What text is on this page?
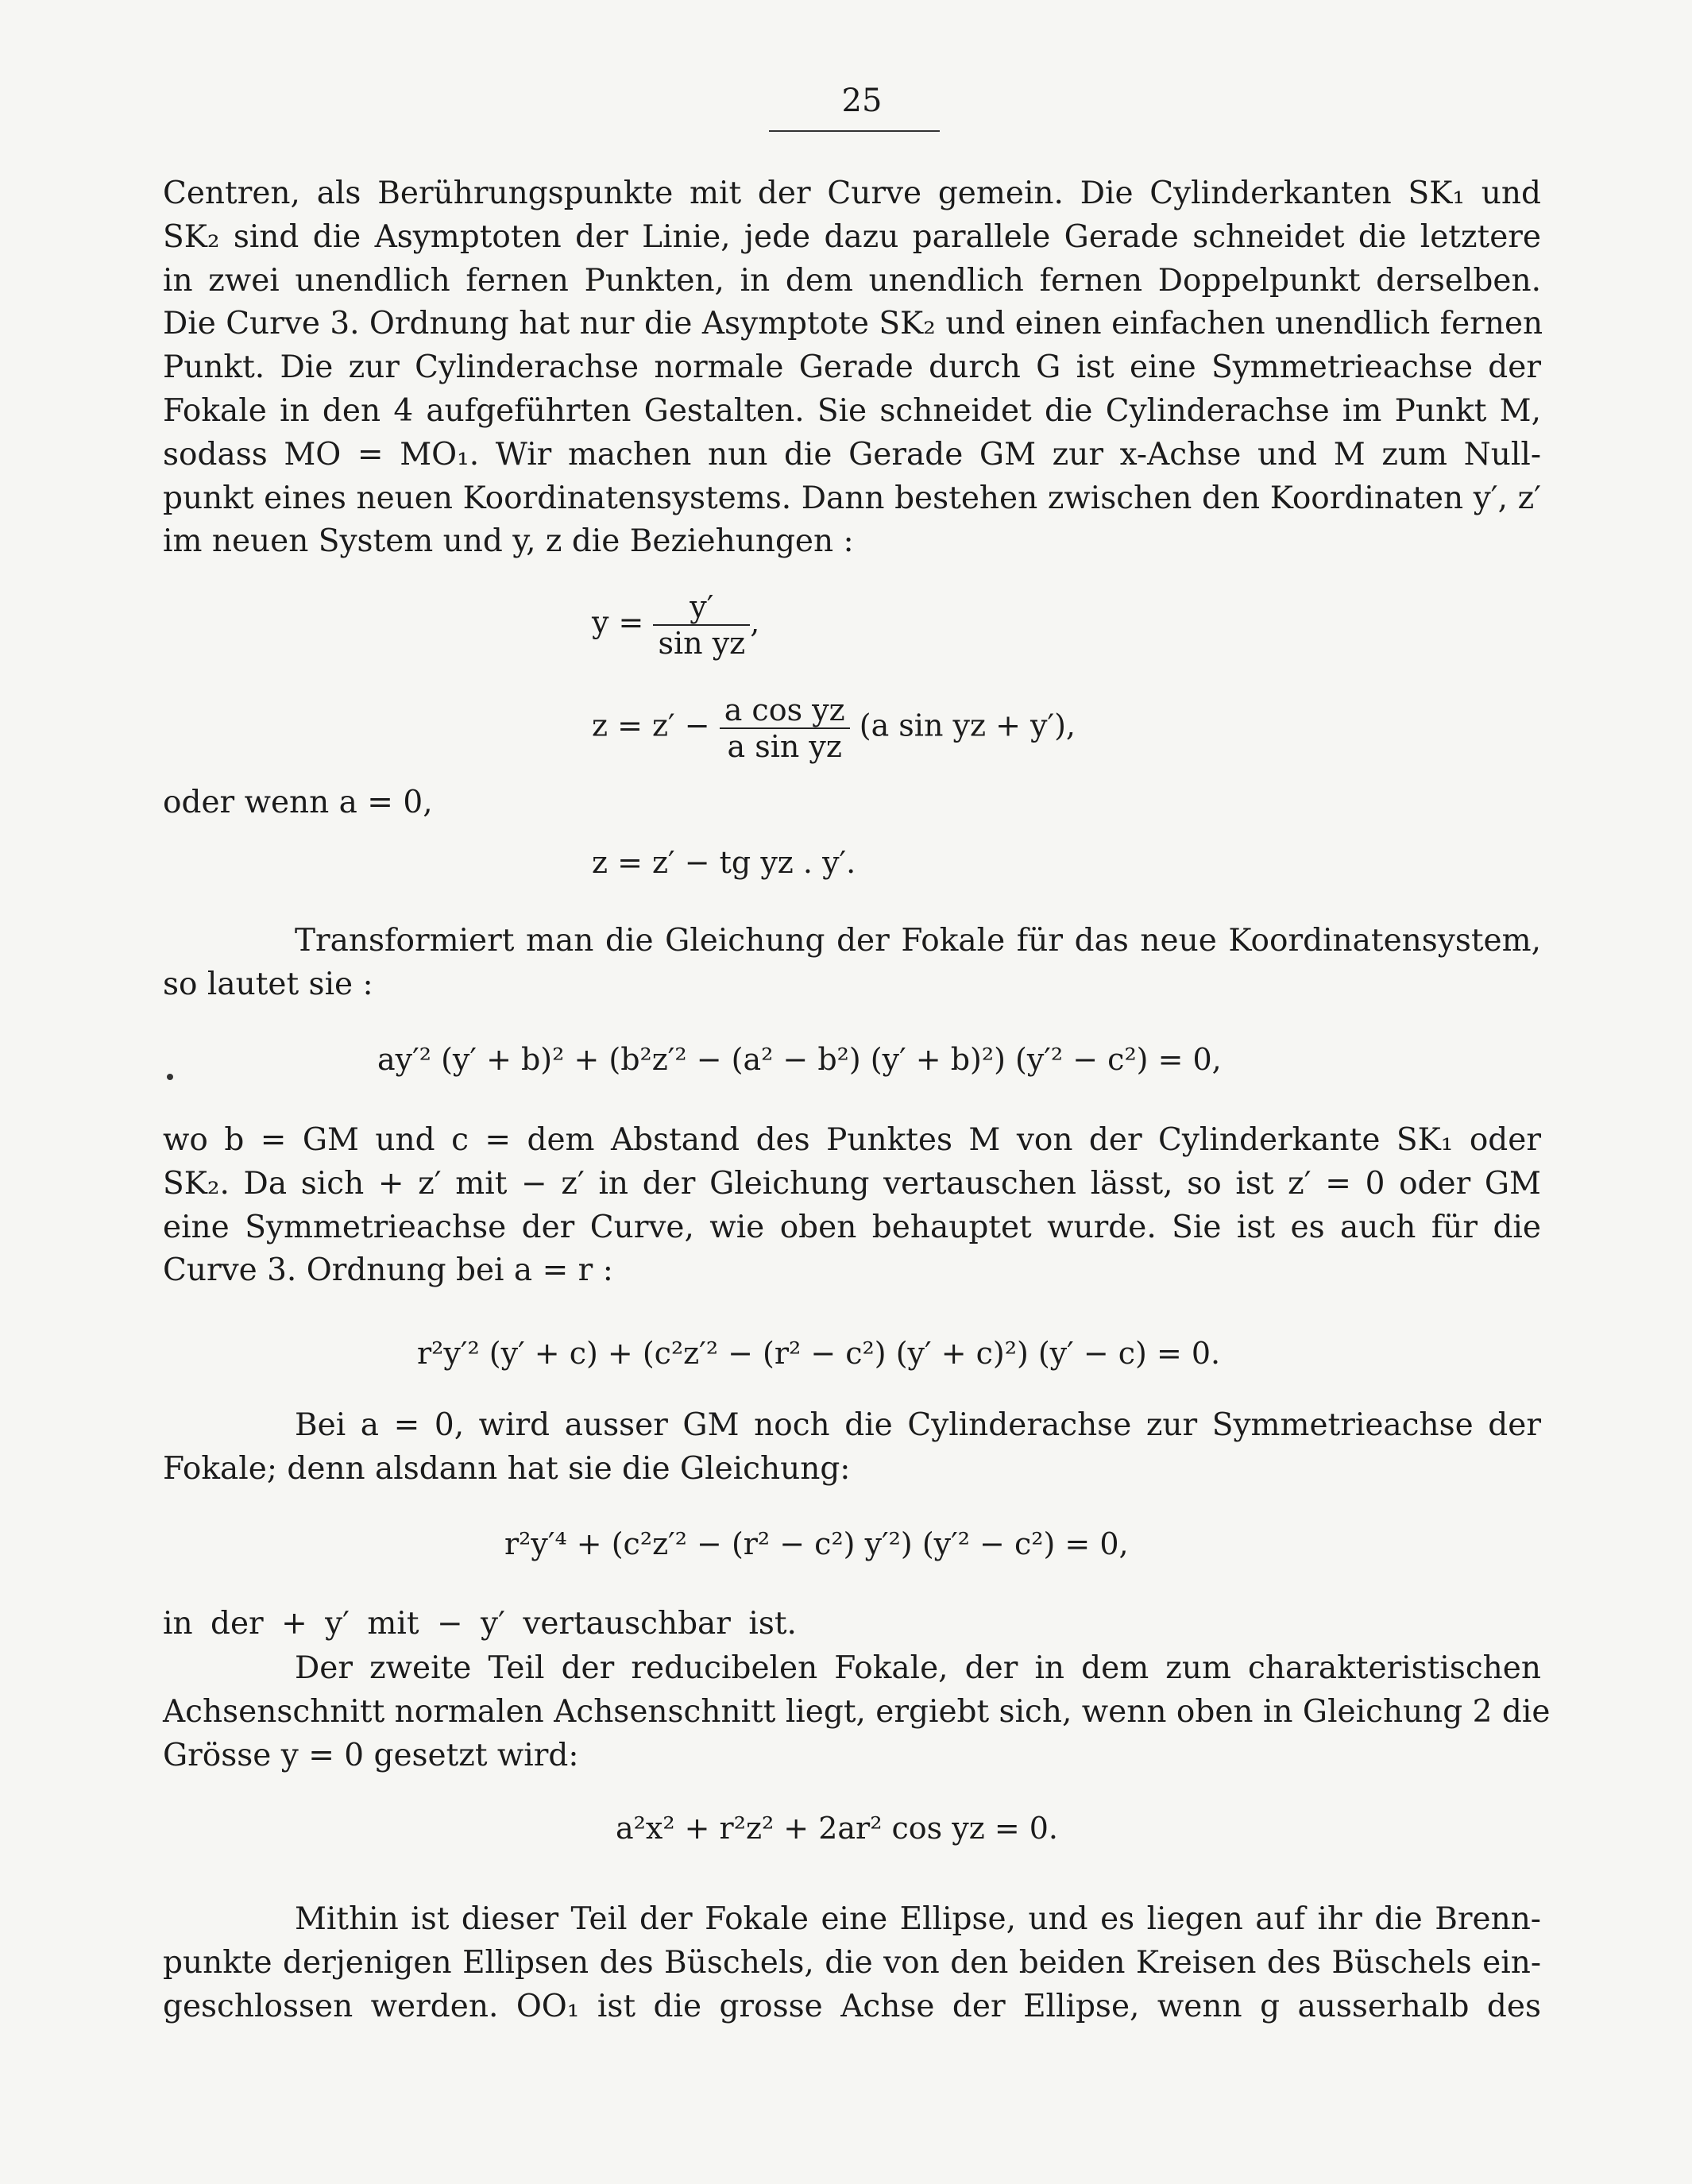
25
Centren, als Berührungspunkte mit der Curve gemein. Die Cylinderkanten SK₁ und
SK₂ sind die Asymptoten der Linie, jede dazu parallele Gerade schneidet die letztere
in zwei unendlich fernen Punkten, in dem unendlich fernen Doppelpunkt derselben.
Die Curve 3. Ordnung hat nur die Asymptote SK₂ und einen einfachen unendlich fernen
Punkt. Die zur Cylinderachse normale Gerade durch G ist eine Symmetrieachse der
Fokale in den 4 aufgeführten Gestalten. Sie schneidet die Cylinderachse im Punkt M,
sodass MO = MO₁. Wir machen nun die Gerade GM zur x-Achse und M zum Null-
punkt eines neuen Koordinatensystems. Dann bestehen zwischen den Koordinaten y′, z′
im neuen System und y, z die Beziehungen :
$y = \frac{y'}{\text{sin yz}}$ ,
$z = z' - \frac{\text{a cos yz}}{\text{a sin yz}} (a$ sin yz + y′),
oder wenn a = 0,
z = z′ − tg yz . y′.
Transformiert man die Gleichung der Fokale für das neue Koordinatensystem,
so lautet sie :
ay′² (y′ + b)² + (b²z′² − (a² − b²) (y′ + b)²) (y′² − c²) = 0,
wo b = GM und c = dem Abstand des Punktes M von der Cylinderkante SK₁ oder
SK₂. Da sich + z′ mit − z′ in der Gleichung vertauschen lässt, so ist z′ = 0 oder GM
eine Symmetrieachse der Curve, wie oben behauptet wurde. Sie ist es auch für die
Curve 3. Ordnung bei a = r :
r²y′² (y′ + c) + (c²z′² − (r² − c²) (y′ + c)²) (y′ − c) = 0.
Bei a = 0, wird ausser GM noch die Cylinderachse zur Symmetrieachse der
Fokale; denn alsdann hat sie die Gleichung:
r²y′⁴ + (c²z′² − (r² − c²) y′²) (y′² − c²) = 0,
in der + y′ mit − y′ vertauschbar ist.
Der zweite Teil der reducibelen Fokale, der in dem zum charakteristischen
Achsenschnitt normalen Achsenschnitt liegt, ergiebt sich, wenn oben in Gleichung 2 die
Grösse y = 0 gesetzt wird:
a²x² + r²z² + 2ar² cos yz = 0.
Mithin ist dieser Teil der Fokale eine Ellipse, und es liegen auf ihr die Brenn-
punkte derjenigen Ellipsen des Büschels, die von den beiden Kreisen des Büschels ein-
geschlossen werden. OO₁ ist die grosse Achse der Ellipse, wenn g ausserhalb des
